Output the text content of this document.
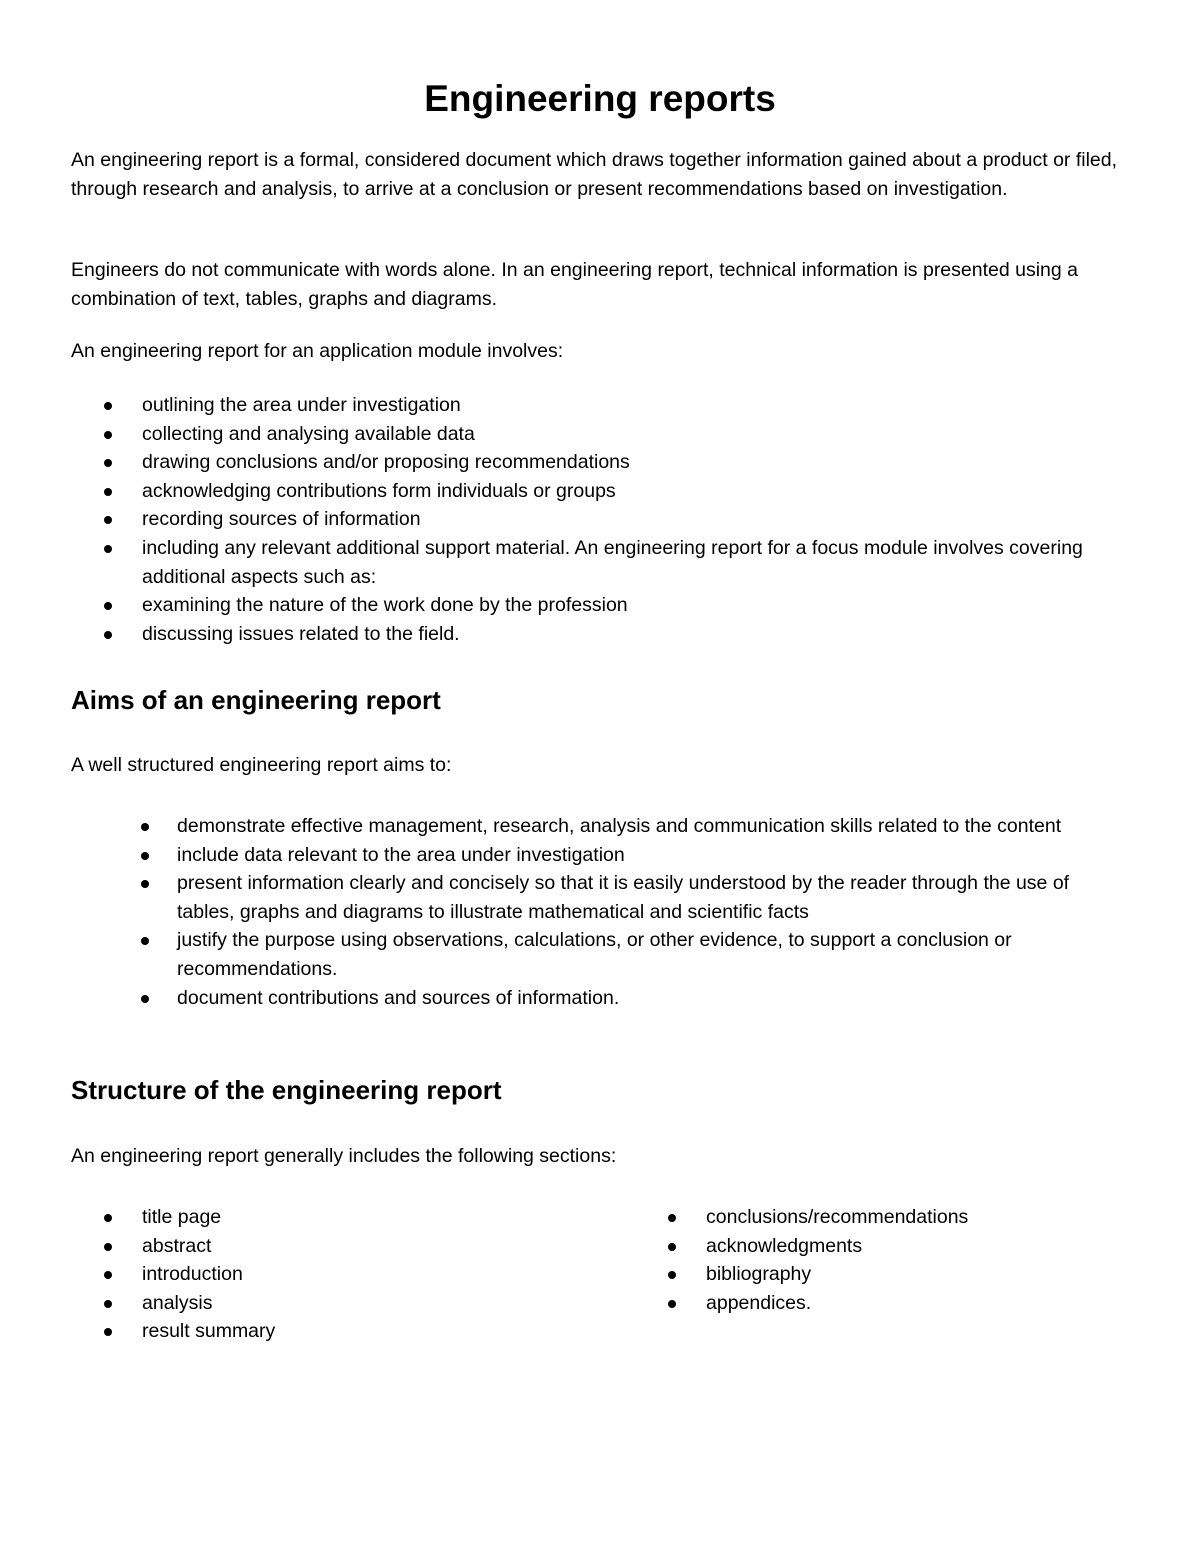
Engineering reports

An engineering report is a formal, considered document which draws together information gained about a product or filed, through research and analysis, to arrive at a conclusion or present recommendations based on investigation.

Engineers do not communicate with words alone. In an engineering report, technical information is presented using a combination of text, tables, graphs and diagrams.

An engineering report for an application module involves:

outlining the area under investigation
collecting and analysing available data
drawing conclusions and/or proposing recommendations
acknowledging contributions form individuals or groups
recording sources of information
including any relevant additional support material. An engineering report for a focus module involves covering additional aspects such as:
examining the nature of the work done by the profession
discussing issues related to the field.
Aims of an engineering report

A well structured engineering report aims to:

demonstrate effective management, research, analysis and communication skills related to the content
include data relevant to the area under investigation
present information clearly and concisely so that it is easily understood by the reader through the use of tables, graphs and diagrams to illustrate mathematical and scientific facts
justify the purpose using observations, calculations, or other evidence, to support a conclusion or recommendations.
document contributions and sources of information.
Structure of the engineering report

An engineering report generally includes the following sections:

title page
abstract
introduction
analysis
result summary
conclusions/recommendations
acknowledgments
bibliography
appendices.
